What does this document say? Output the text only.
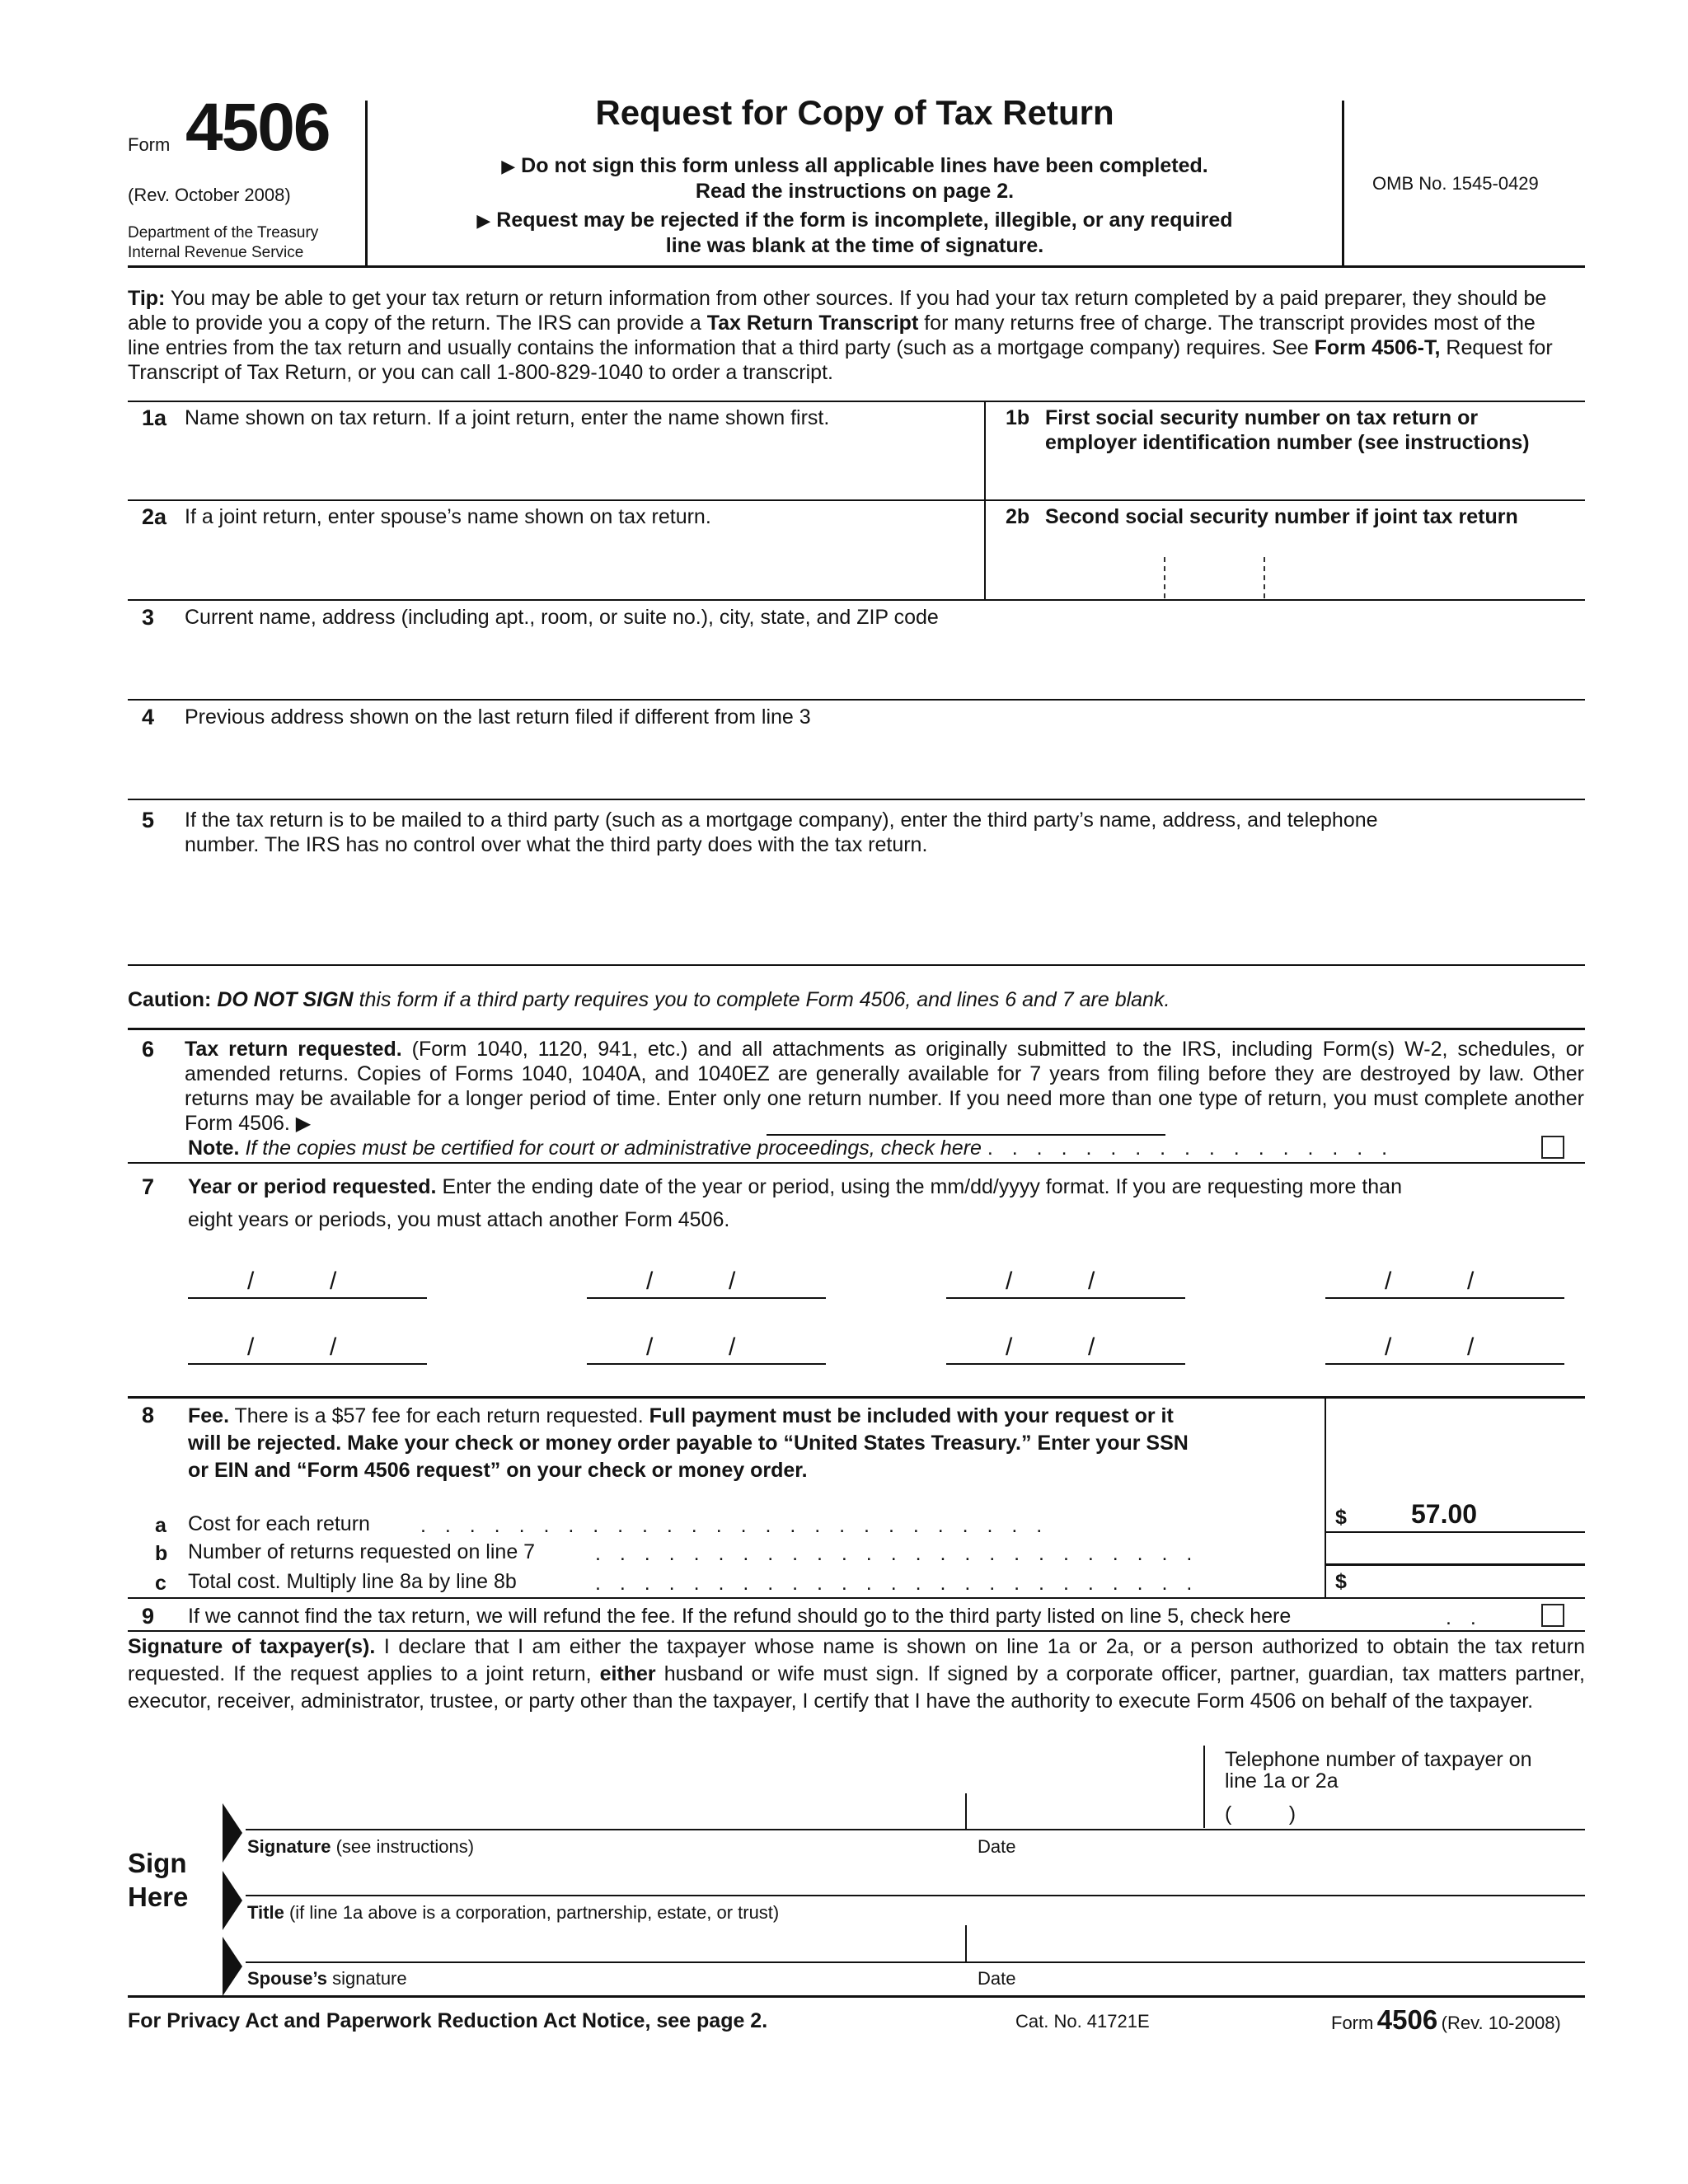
Form 4506
(Rev. October 2008)
Department of the Treasury
Internal Revenue Service
Request for Copy of Tax Return
▶ Do not sign this form unless all applicable lines have been completed.
Read the instructions on page 2.
▶ Request may be rejected if the form is incomplete, illegible, or any required
line was blank at the time of signature.
OMB No. 1545-0429
Tip: You may be able to get your tax return or return information from other sources. If you had your tax return completed by a paid preparer, they should be able to provide you a copy of the return. The IRS can provide a Tax Return Transcript for many returns free of charge. The transcript provides most of the line entries from the tax return and usually contains the information that a third party (such as a mortgage company) requires. See Form 4506-T, Request for Transcript of Tax Return, or you can call 1-800-829-1040 to order a transcript.
1a Name shown on tax return. If a joint return, enter the name shown first.	1b First social security number on tax return or
employer identification number (see instructions)
2a If a joint return, enter spouse’s name shown on tax return.	2b Second social security number if joint tax return
3 Current name, address (including apt., room, or suite no.), city, state, and ZIP code
4 Previous address shown on the last return filed if different from line 3
5 If the tax return is to be mailed to a third party (such as a mortgage company), enter the third party’s name, address, and telephone
number. The IRS has no control over what the third party does with the tax return.
Caution: DO NOT SIGN this form if a third party requires you to complete Form 4506, and lines 6 and 7 are blank.
6 Tax return requested. (Form 1040, 1120, 941, etc.) and all attachments as originally submitted to the IRS, including Form(s) W-2, schedules, or amended returns. Copies of Forms 1040, 1040A, and 1040EZ are generally available for 7 years from filing before they are destroyed by law. Other returns may be available for a longer period of time. Enter only one return number. If you need more than one type of return, you must complete another Form 4506. ▶
Note. If the copies must be certified for court or administrative proceedings, check here . . . . . . . . . . . . . . . . .
7 Year or period requested. Enter the ending date of the year or period, using the mm/dd/yyyy format. If you are requesting more than
eight years or periods, you must attach another Form 4506.
/	/	/	/	/	/	/	/
/	/	/	/	/	/	/	/
8 Fee. There is a $57 fee for each return requested. Full payment must be included with your request or it
will be rejected. Make your check or money order payable to “United States Treasury.” Enter your SSN
or EIN and “Form 4506 request” on your check or money order.
a Cost for each return . . . . . . . . . . . . . . . . . . . . . . . . . .	$ 57.00
b Number of returns requested on line 7	. . . . . . . . . . . . . . . . . . . . . . . . .
c Total cost. Multiply line 8a by line 8b	. . . . . . . . . . . . . . . . . . . . . . . . .	$
9 If we cannot find the tax return, we will refund the fee. If the refund should go to the third party listed on line 5, check here	. .
Signature of taxpayer(s). I declare that I am either the taxpayer whose name is shown on line 1a or 2a, or a person authorized to obtain the tax return requested. If the request applies to a joint return, either husband or wife must sign. If signed by a corporate officer, partner, guardian, tax matters partner, executor, receiver, administrator, trustee, or party other than the taxpayer, I certify that I have the authority to execute Form 4506 on behalf of the taxpayer.
Telephone number of taxpayer on
line 1a or 2a
(          )
Sign
Here
Signature (see instructions)	Date
Title (if line 1a above is a corporation, partnership, estate, or trust)
Spouse’s signature	Date
For Privacy Act and Paperwork Reduction Act Notice, see page 2.	Cat. No. 41721E	Form 4506 (Rev. 10-2008)
